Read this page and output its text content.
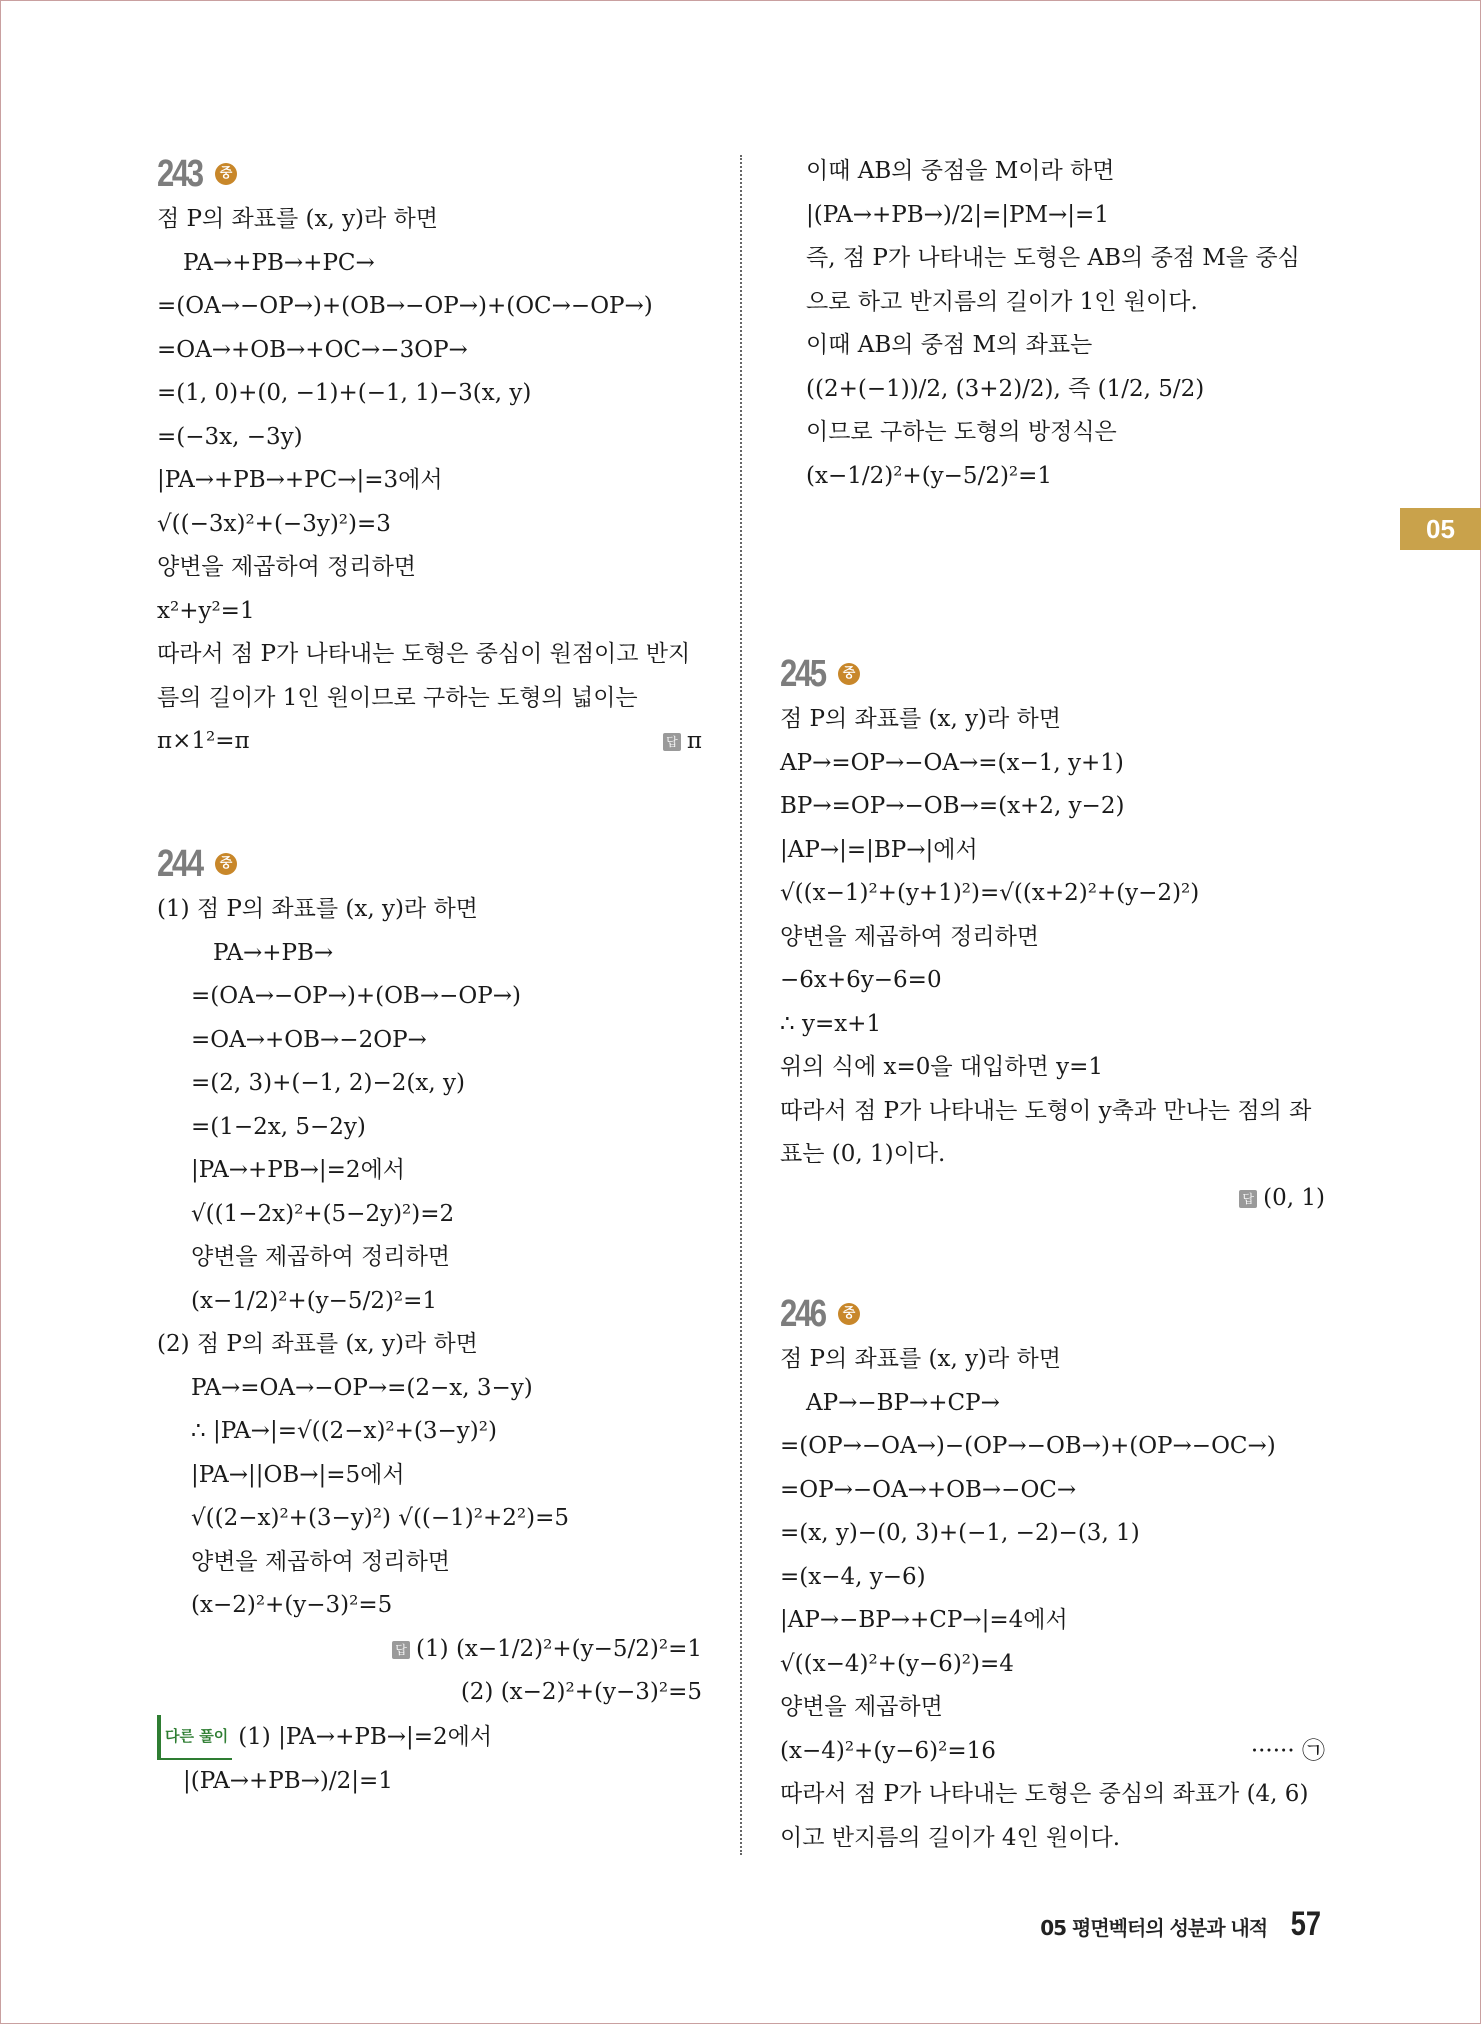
243	중
점 P의 좌표를 (x, y)라 하면
PA→+PB→+PC→
=(OA→−OP→)+(OB→−OP→)+(OC→−OP→)
=OA→+OB→+OC→−3OP→
=(1, 0)+(0, −1)+(−1, 1)−3(x, y)
=(−3x, −3y)
|PA→+PB→+PC→|=3에서
√((−3x)²+(−3y)²)=3
양변을 제곱하여 정리하면
x²+y²=1
따라서 점 P가 나타내는 도형은 중심이 원점이고 반지
름의 길이가 1인 원이므로 구하는 도형의 넓이는
π×1²=π	답 π
244	중
(1) 점 P의 좌표를 (x, y)라 하면
PA→+PB→
=(OA→−OP→)+(OB→−OP→)
=OA→+OB→−2OP→
=(2, 3)+(−1, 2)−2(x, y)
=(1−2x, 5−2y)
|PA→+PB→|=2에서
√((1−2x)²+(5−2y)²)=2
양변을 제곱하여 정리하면
(x−1/2)²+(y−5/2)²=1
(2) 점 P의 좌표를 (x, y)라 하면
PA→=OA→−OP→=(2−x, 3−y)
∴ |PA→|=√((2−x)²+(3−y)²)
|PA→||OB→|=5에서
√((2−x)²+(3−y)²) √((−1)²+2²)=5
양변을 제곱하여 정리하면
(x−2)²+(y−3)²=5
답 (1) (x−1/2)²+(y−5/2)²=1
(2) (x−2)²+(y−3)²=5
다른 풀이 (1) |PA→+PB→|=2에서
|(PA→+PB→)/2|=1
이때 AB의 중점을 M이라 하면
|(PA→+PB→)/2|=|PM→|=1
즉, 점 P가 나타내는 도형은 AB의 중점 M을 중심
으로 하고 반지름의 길이가 1인 원이다.
이때 AB의 중점 M의 좌표는
((2+(−1))/2, (3+2)/2), 즉 (1/2, 5/2)
이므로 구하는 도형의 방정식은
(x−1/2)²+(y−5/2)²=1
245	중
점 P의 좌표를 (x, y)라 하면
AP→=OP→−OA→=(x−1, y+1)
BP→=OP→−OB→=(x+2, y−2)
|AP→|=|BP→|에서
√((x−1)²+(y+1)²)=√((x+2)²+(y−2)²)
양변을 제곱하여 정리하면
−6x+6y−6=0
∴ y=x+1
위의 식에 x=0을 대입하면 y=1
따라서 점 P가 나타내는 도형이 y축과 만나는 점의 좌
표는 (0, 1)이다.
답 (0, 1)
246	중
점 P의 좌표를 (x, y)라 하면
AP→−BP→+CP→
=(OP→−OA→)−(OP→−OB→)+(OP→−OC→)
=OP→−OA→+OB→−OC→
=(x, y)−(0, 3)+(−1, −2)−(3, 1)
=(x−4, y−6)
|AP→−BP→+CP→|=4에서
√((x−4)²+(y−6)²)=4
양변을 제곱하면
(x−4)²+(y−6)²=16	······ ㉠
따라서 점 P가 나타내는 도형은 중심의 좌표가 (4, 6)
이고 반지름의 길이가 4인 원이다.
05
05 평면벡터의 성분과 내적 57
